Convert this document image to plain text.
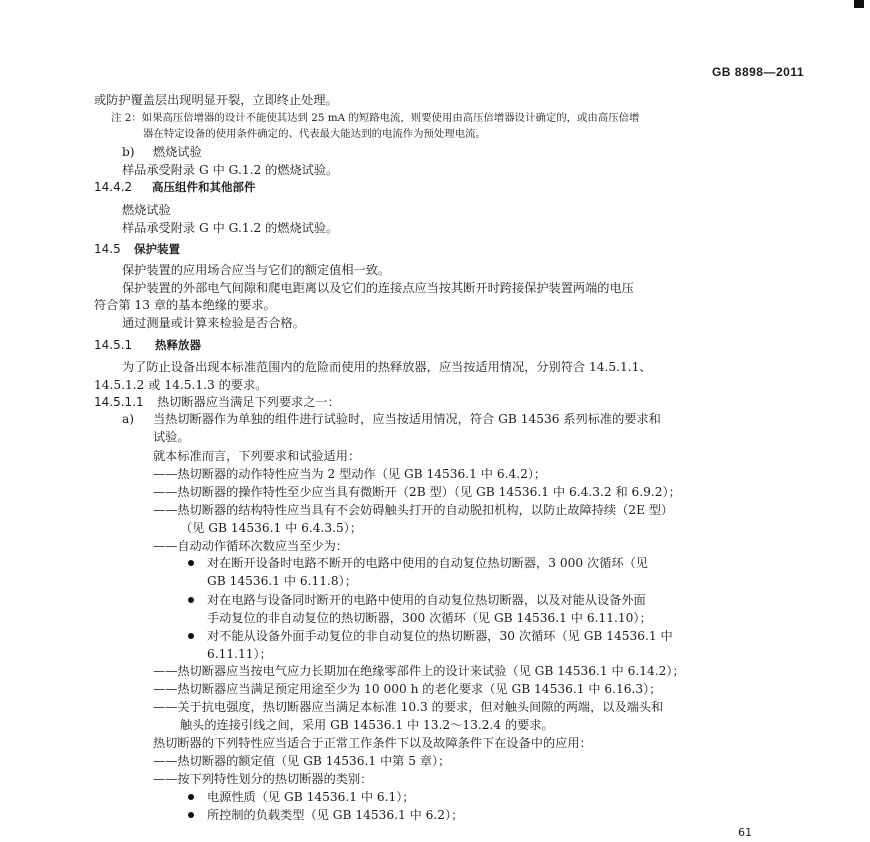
GB 8898—2011
或防护覆盖层出现明显开裂，立即终止处理。
注 2：如果高压倍增器的设计不能使其达到 25 mA 的短路电流，则要使用由高压倍增器设计确定的，或由高压倍增
器在特定设备的使用条件确定的、代表最大能达到的电流作为预处理电流。
b) 燃烧试验
样品承受附录 G 中 G.1.2 的燃烧试验。
14.4.2 高压组件和其他部件
燃烧试验
样品承受附录 G 中 G.1.2 的燃烧试验。
14.5 保护装置
保护装置的应用场合应当与它们的额定值相一致。
保护装置的外部电气间隙和爬电距离以及它们的连接点应当按其断开时跨接保护装置两端的电压
符合第 13 章的基本绝缘的要求。
通过测量或计算来检验是否合格。
14.5.1 热释放器
为了防止设备出现本标准范围内的危险而使用的热释放器，应当按适用情况，分别符合 14.5.1.1、
14.5.1.2 或 14.5.1.3 的要求。
14.5.1.1 热切断器应当满足下列要求之一：
a) 当热切断器作为单独的组件进行试验时，应当按适用情况，符合 GB 14536 系列标准的要求和
试验。
就本标准而言，下列要求和试验适用：
——热切断器的动作特性应当为 2 型动作（见 GB 14536.1 中 6.4.2）；
——热切断器的操作特性至少应当具有微断开（2B 型）（见 GB 14536.1 中 6.4.3.2 和 6.9.2）；
——热切断器的结构特性应当具有不会妨碍触头打开的自动脱扣机构，以防止故障持续（2E 型）
（见 GB 14536.1 中 6.4.3.5）；
——自动动作循环次数应当至少为：
对在断开设备时电路不断开的电路中使用的自动复位热切断器，3 000 次循环（见
GB 14536.1 中 6.11.8）；
对在电路与设备同时断开的电路中使用的自动复位热切断器，以及对能从设备外面
手动复位的非自动复位的热切断器，300 次循环（见 GB 14536.1 中 6.11.10）；
对不能从设备外面手动复位的非自动复位的热切断器，30 次循环（见 GB 14536.1 中
6.11.11）；
——热切断器应当按电气应力长期加在绝缘零部件上的设计来试验（见 GB 14536.1 中 6.14.2）；
——热切断器应当满足预定用途至少为 10 000 h 的老化要求（见 GB 14536.1 中 6.16.3）；
——关于抗电强度，热切断器应当满足本标准 10.3 的要求，但对触头间隙的两端，以及端头和
触头的连接引线之间，采用 GB 14536.1 中 13.2～13.2.4 的要求。
热切断器的下列特性应当适合于正常工作条件下以及故障条件下在设备中的应用：
——热切断器的额定值（见 GB 14536.1 中第 5 章）；
——按下列特性划分的热切断器的类别：
电源性质（见 GB 14536.1 中 6.1）；
所控制的负载类型（见 GB 14536.1 中 6.2）；
61
